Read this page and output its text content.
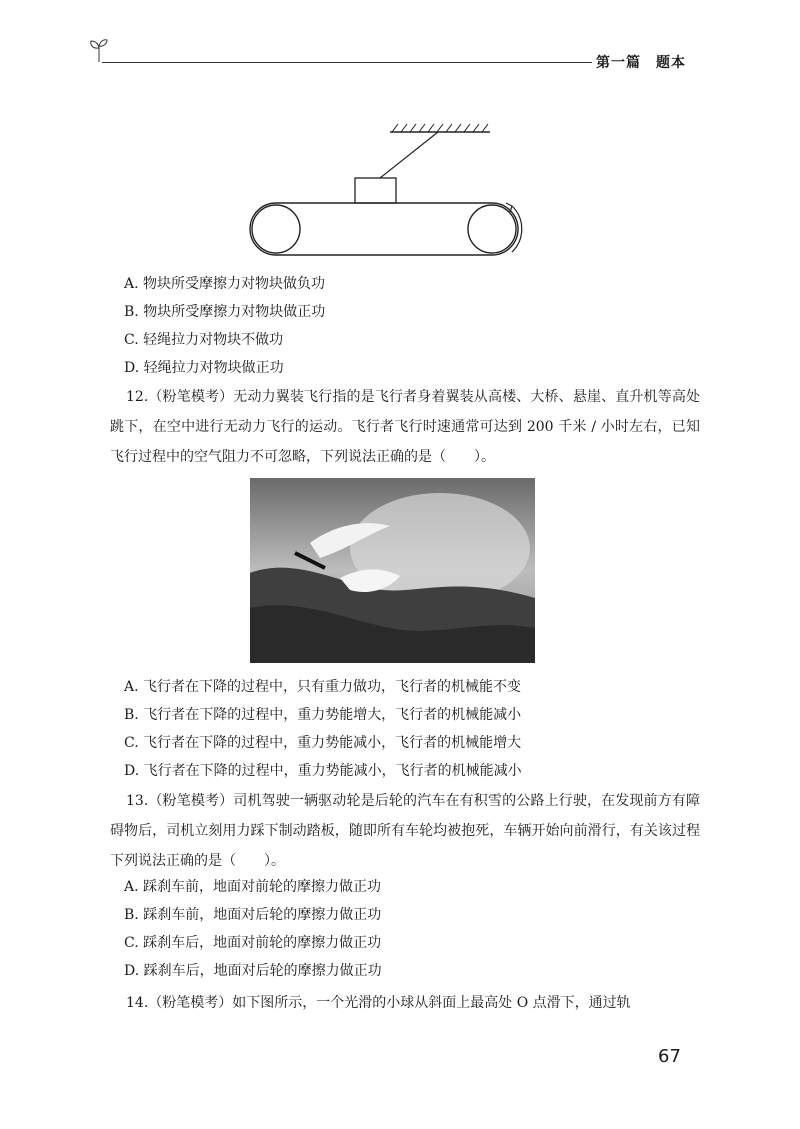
第一篇　题本
A. 物块所受摩擦力对物块做负功
B. 物块所受摩擦力对物块做正功
C. 轻绳拉力对物块不做功
D. 轻绳拉力对物块做正功
12.（粉笔模考）无动力翼装飞行指的是飞行者身着翼装从高楼、大桥、悬崖、直升机等高处跳下，在空中进行无动力飞行的运动。飞行者飞行时速通常可达到 200 千米 / 小时左右，已知飞行过程中的空气阻力不可忽略，下列说法正确的是（　　）。
A. 飞行者在下降的过程中，只有重力做功，飞行者的机械能不变
B. 飞行者在下降的过程中，重力势能增大，飞行者的机械能减小
C. 飞行者在下降的过程中，重力势能减小，飞行者的机械能增大
D. 飞行者在下降的过程中，重力势能减小，飞行者的机械能减小
13.（粉笔模考）司机驾驶一辆驱动轮是后轮的汽车在有积雪的公路上行驶，在发现前方有障碍物后，司机立刻用力踩下制动踏板，随即所有车轮均被抱死，车辆开始向前滑行，有关该过程下列说法正确的是（　　）。
A. 踩刹车前，地面对前轮的摩擦力做正功
B. 踩刹车前，地面对后轮的摩擦力做正功
C. 踩刹车后，地面对前轮的摩擦力做正功
D. 踩刹车后，地面对后轮的摩擦力做正功
14.（粉笔模考）如下图所示，一个光滑的小球从斜面上最高处 O 点滑下，通过轨
67
